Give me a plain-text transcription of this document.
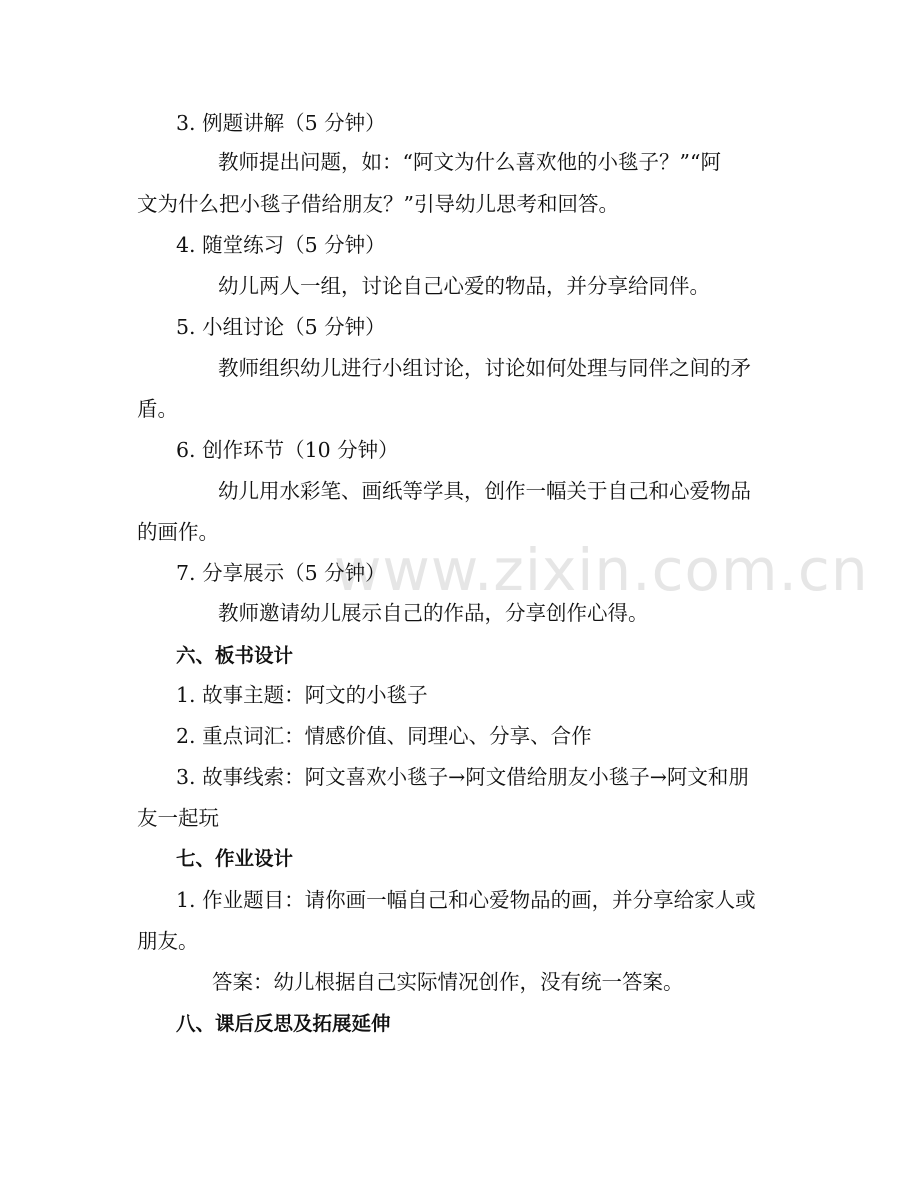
www.zixin.com.cn
3. 例题讲解（5 分钟）
教师提出问题，如：“阿文为什么喜欢他的小毯子？”“阿
文为什么把小毯子借给朋友？”引导幼儿思考和回答。
4. 随堂练习（5 分钟）
幼儿两人一组，讨论自己心爱的物品，并分享给同伴。
5. 小组讨论（5 分钟）
教师组织幼儿进行小组讨论，讨论如何处理与同伴之间的矛
盾。
6. 创作环节（10 分钟）
幼儿用水彩笔、画纸等学具，创作一幅关于自己和心爱物品
的画作。
7. 分享展示（5 分钟）
教师邀请幼儿展示自己的作品，分享创作心得。
六、板书设计
1. 故事主题：阿文的小毯子
2. 重点词汇：情感价值、同理心、分享、合作
3. 故事线索：阿文喜欢小毯子→阿文借给朋友小毯子→阿文和朋
友一起玩
七、作业设计
1. 作业题目：请你画一幅自己和心爱物品的画，并分享给家人或
朋友。
答案：幼儿根据自己实际情况创作，没有统一答案。
八、课后反思及拓展延伸
